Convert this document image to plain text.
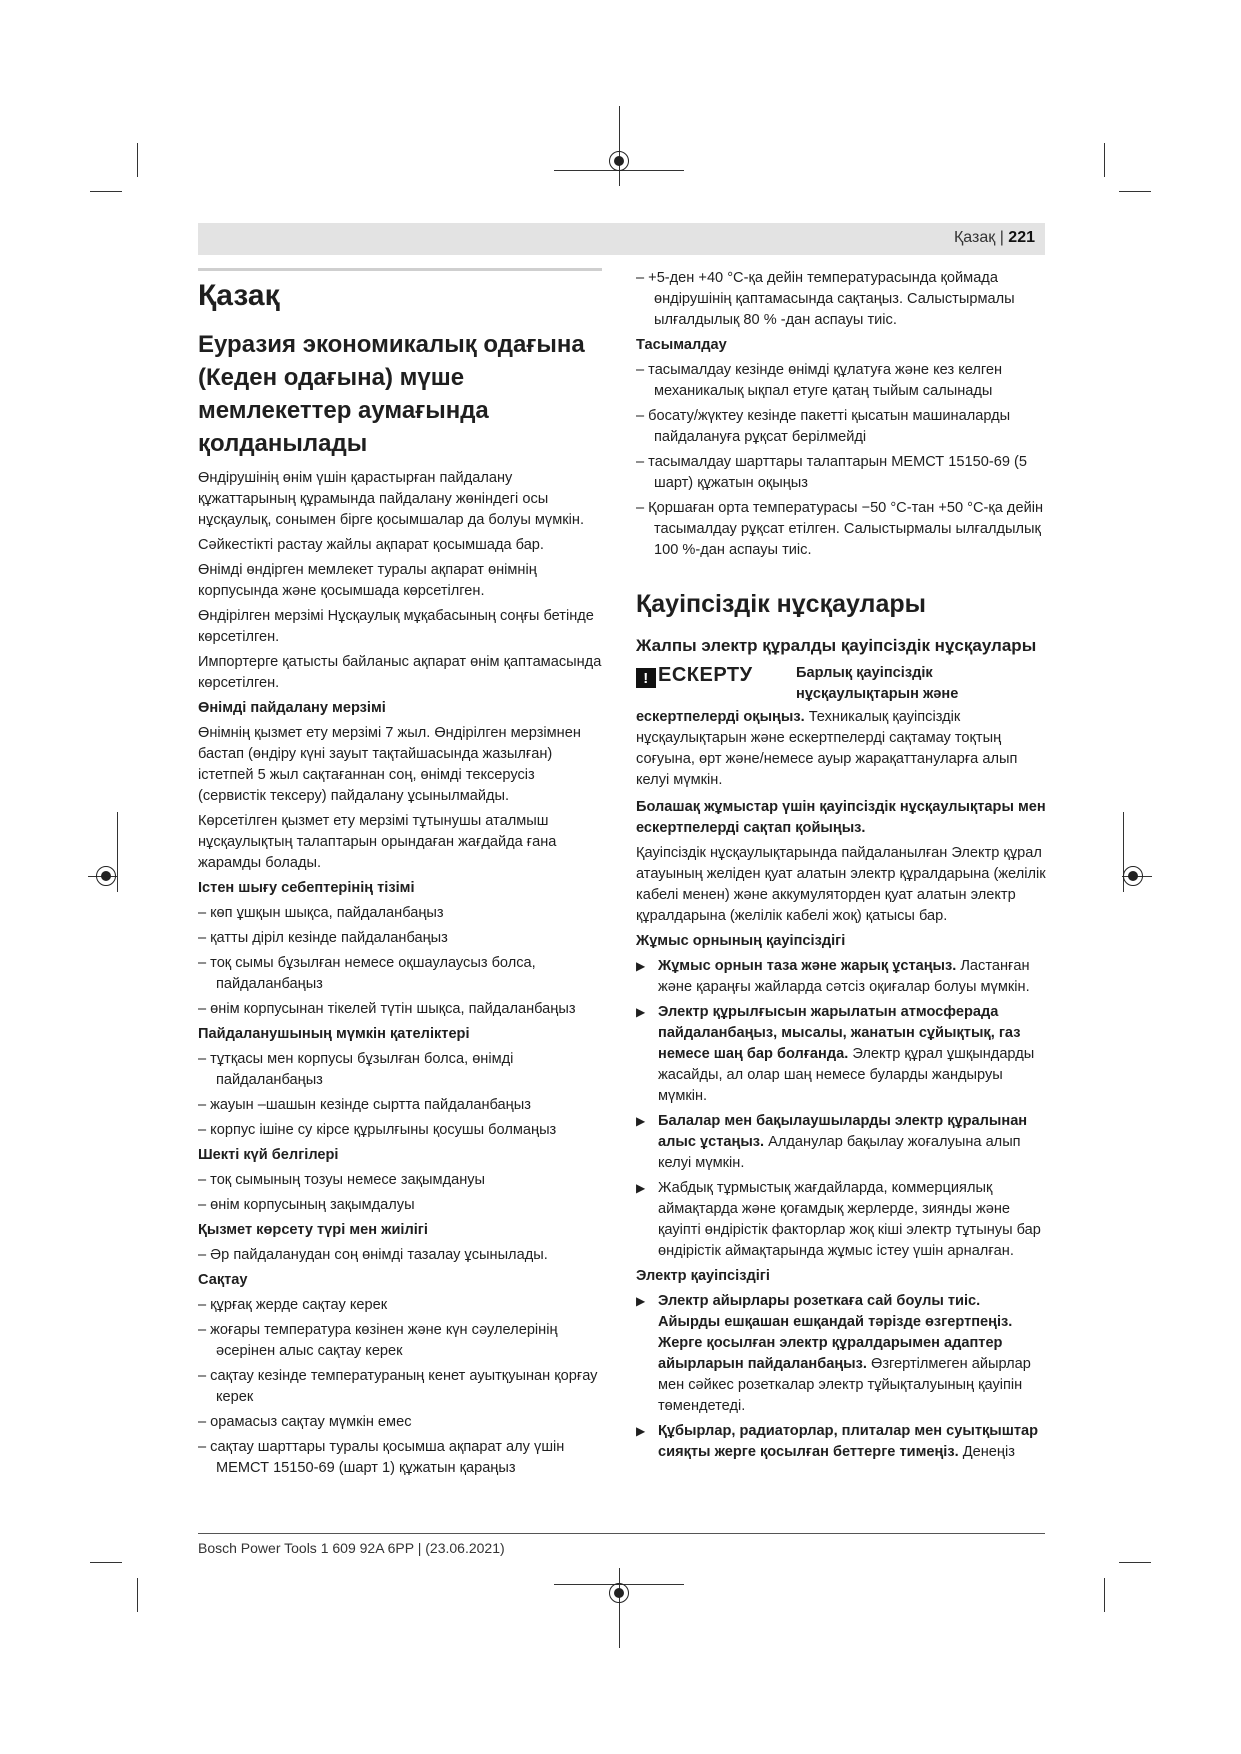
Қазақ | 221
Қазақ
Еуразия экономикалық одағына (Кеден одағына) мүше мемлекеттер аумағында қолданылады

Өндірушінің өнім үшін қарастырған пайдалану құжаттарының құрамында пайдалану жөніндегі осы нұсқаулық, сонымен бірге қосымшалар да болуы мүмкін.

Сәйкестікті растау жайлы ақпарат қосымшада бар.

Өнімді өндірген мемлекет туралы ақпарат өнімнің корпусында және қосымшада көрсетілген.

Өндірілген мерзімі Нұсқаулық мұқабасының соңғы бетінде көрсетілген.

Импортерге қатысты байланыс ақпарат өнім қаптамасында көрсетілген.

Өнімді пайдалану мерзімі

Өнімнің қызмет ету мерзімі 7 жыл. Өндірілген мерзімнен бастап (өндіру күні зауыт тақтайшасында жазылған) істетпей 5 жыл сақтағаннан соң, өнімді тексерусіз (сервистік тексеру) пайдалану ұсынылмайды.

Көрсетілген қызмет ету мерзімі тұтынушы аталмыш нұсқаулықтың талаптарын орындаған жағдайда ғана жарамды болады.

Істен шығу себептерінің тізімі

– көп ұшқын шықса, пайдаланбаңыз

– қатты діріл кезінде пайдаланбаңыз

– тоқ сымы бұзылған немесе оқшаулаусыз болса, пайдаланбаңыз

– өнім корпусынан тікелей түтін шықса, пайдаланбаңыз

Пайдаланушының мүмкін қателіктері

– тұтқасы мен корпусы бұзылған болса, өнімді пайдаланбаңыз

– жауын –шашын кезінде сыртта пайдаланбаңыз

– корпус ішіне су кірсе құрылғыны қосушы болмаңыз

Шекті күй белгілері

– тоқ сымының тозуы немесе зақымдануы

– өнім корпусының зақымдалуы

Қызмет көрсету түрі мен жиілігі

– Әр пайдаланудан соң өнімді тазалау ұсынылады.

Сақтау

– құрғақ жерде сақтау керек

– жоғары температура көзінен және күн сәулелерінің әсерінен алыс сақтау керек

– сақтау кезінде температураның кенет ауытқуынан қорғау керек

– орамасыз сақтау мүмкін емес

– сақтау шарттары туралы қосымша ақпарат алу үшін МЕМСТ 15150-69 (шарт 1) құжатын қараңыз

– +5-ден +40 °C-қа дейін температурасында қоймада өндірушінің қаптамасында сақтаңыз. Салыстырмалы ылғалдылық 80 % -дан аспауы тиіс.

Тасымалдау

– тасымалдау кезінде өнімді құлатуға және кез келген механикалық ықпал етуге қатаң тыйым салынады

– босату/жүктеу кезінде пакетті қысатын машиналарды пайдалануға рұқсат берілмейді

– тасымалдау шарттары талаптарын МЕМСТ 15150-69 (5 шарт) құжатын оқыңыз

– Қоршаған орта температурасы −50 °C-тан +50 °C-қа дейін тасымалдау рұқсат етілген. Салыстырмалы ылғалдылық 100 %-дан аспауы тиіс.

Қауіпсіздік нұсқаулары
Жалпы электр құралды қауіпсіздік нұсқаулары
! ЕСКЕРТУ	Барлық қауіпсіздік нұсқаулықтарын және

ескертпелерді оқыңыз. Техникалық қауіпсіздік нұсқаулықтарын және ескертпелерді сақтамау тоқтың соғуына, өрт және/немесе ауыр жарақаттануларға алып келуі мүмкін.

Болашақ жұмыстар үшін қауіпсіздік нұсқаулықтары мен ескертпелерді сақтап қойыңыз.

Қауіпсіздік нұсқаулықтарында пайдаланылған Электр құрал атауының желіден қуат алатын электр құралдарына (желілік кабелі менен) және аккумуляторден қуат алатын электр құралдарына (желілік кабелі жоқ) қатысы бар.

Жұмыс орнының қауіпсіздігі

▶ Жұмыс орнын таза және жарық ұстаңыз. Ластанған және қараңғы жайларда сәтсіз оқиғалар болуы мүмкін.

▶ Электр құрылғысын жарылатын атмосферада пайдаланбаңыз, мысалы, жанатын сұйықтық, газ немесе шаң бар болғанда. Электр құрал ұшқындарды жасайды, ал олар шаң немесе буларды жандыруы мүмкін.

▶ Балалар мен бақылаушыларды электр құралынан алыс ұстаңыз. Алданулар бақылау жоғалуына алып келуі мүмкін.

▶ Жабдық тұрмыстық жағдайларда, коммерциялық аймақтарда және қоғамдық жерлерде, зиянды және қауіпті өндірістік факторлар жоқ кіші электр тұтынуы бар өндірістік аймақтарында жұмыс істеу үшін арналған.

Электр қауіпсіздігі

▶ Электр айырлары розеткаға сай боулы тиіс. Айырды ешқашан ешқандай тәрізде өзгертпеңіз. Жерге қосылған электр құралдарымен адаптер айырларын пайдаланбаңыз. Өзгертілмеген айырлар мен сәйкес розеткалар электр тұйықталуының қауіпін төмендетеді.

▶ Құбырлар, радиаторлар, плиталар мен суытқыштар сияқты жерге қосылған беттерге тимеңіз. Денеңіз

Bosch Power Tools 1 609 92A 6PP | (23.06.2021)
